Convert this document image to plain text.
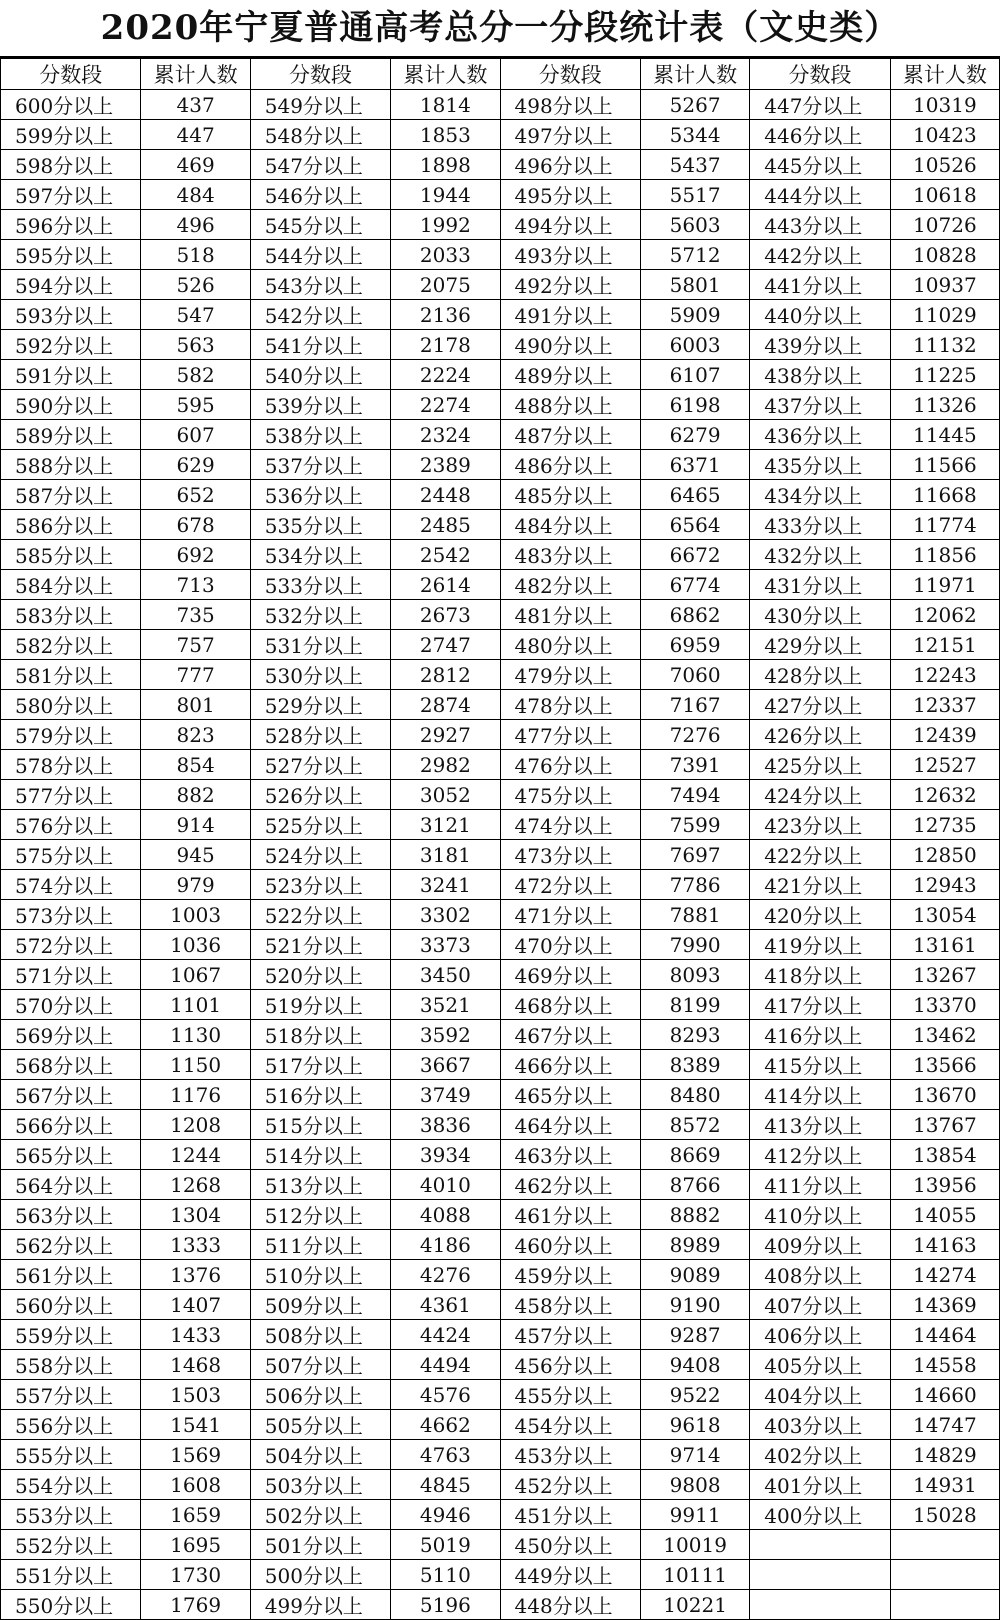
2020年宁夏普通高考总分一分段统计表（文史类）
分数段	累计人数	分数段	累计人数	分数段	累计人数	分数段	累计人数
600分以上	437	549分以上	1814	498分以上	5267	447分以上	10319
599分以上	447	548分以上	1853	497分以上	5344	446分以上	10423
598分以上	469	547分以上	1898	496分以上	5437	445分以上	10526
597分以上	484	546分以上	1944	495分以上	5517	444分以上	10618
596分以上	496	545分以上	1992	494分以上	5603	443分以上	10726
595分以上	518	544分以上	2033	493分以上	5712	442分以上	10828
594分以上	526	543分以上	2075	492分以上	5801	441分以上	10937
593分以上	547	542分以上	2136	491分以上	5909	440分以上	11029
592分以上	563	541分以上	2178	490分以上	6003	439分以上	11132
591分以上	582	540分以上	2224	489分以上	6107	438分以上	11225
590分以上	595	539分以上	2274	488分以上	6198	437分以上	11326
589分以上	607	538分以上	2324	487分以上	6279	436分以上	11445
588分以上	629	537分以上	2389	486分以上	6371	435分以上	11566
587分以上	652	536分以上	2448	485分以上	6465	434分以上	11668
586分以上	678	535分以上	2485	484分以上	6564	433分以上	11774
585分以上	692	534分以上	2542	483分以上	6672	432分以上	11856
584分以上	713	533分以上	2614	482分以上	6774	431分以上	11971
583分以上	735	532分以上	2673	481分以上	6862	430分以上	12062
582分以上	757	531分以上	2747	480分以上	6959	429分以上	12151
581分以上	777	530分以上	2812	479分以上	7060	428分以上	12243
580分以上	801	529分以上	2874	478分以上	7167	427分以上	12337
579分以上	823	528分以上	2927	477分以上	7276	426分以上	12439
578分以上	854	527分以上	2982	476分以上	7391	425分以上	12527
577分以上	882	526分以上	3052	475分以上	7494	424分以上	12632
576分以上	914	525分以上	3121	474分以上	7599	423分以上	12735
575分以上	945	524分以上	3181	473分以上	7697	422分以上	12850
574分以上	979	523分以上	3241	472分以上	7786	421分以上	12943
573分以上	1003	522分以上	3302	471分以上	7881	420分以上	13054
572分以上	1036	521分以上	3373	470分以上	7990	419分以上	13161
571分以上	1067	520分以上	3450	469分以上	8093	418分以上	13267
570分以上	1101	519分以上	3521	468分以上	8199	417分以上	13370
569分以上	1130	518分以上	3592	467分以上	8293	416分以上	13462
568分以上	1150	517分以上	3667	466分以上	8389	415分以上	13566
567分以上	1176	516分以上	3749	465分以上	8480	414分以上	13670
566分以上	1208	515分以上	3836	464分以上	8572	413分以上	13767
565分以上	1244	514分以上	3934	463分以上	8669	412分以上	13854
564分以上	1268	513分以上	4010	462分以上	8766	411分以上	13956
563分以上	1304	512分以上	4088	461分以上	8882	410分以上	14055
562分以上	1333	511分以上	4186	460分以上	8989	409分以上	14163
561分以上	1376	510分以上	4276	459分以上	9089	408分以上	14274
560分以上	1407	509分以上	4361	458分以上	9190	407分以上	14369
559分以上	1433	508分以上	4424	457分以上	9287	406分以上	14464
558分以上	1468	507分以上	4494	456分以上	9408	405分以上	14558
557分以上	1503	506分以上	4576	455分以上	9522	404分以上	14660
556分以上	1541	505分以上	4662	454分以上	9618	403分以上	14747
555分以上	1569	504分以上	4763	453分以上	9714	402分以上	14829
554分以上	1608	503分以上	4845	452分以上	9808	401分以上	14931
553分以上	1659	502分以上	4946	451分以上	9911	400分以上	15028
552分以上	1695	501分以上	5019	450分以上	10019		
551分以上	1730	500分以上	5110	449分以上	10111		
550分以上	1769	499分以上	5196	448分以上	10221		
